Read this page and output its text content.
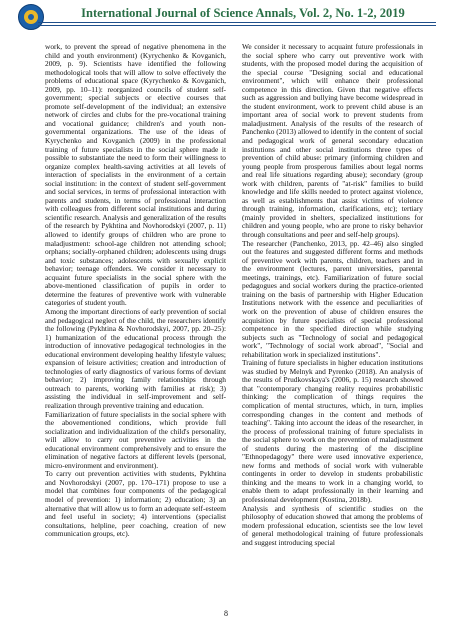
International Journal of Science Annals, Vol. 2, No. 1-2, 2019

work, to prevent the spread of negative phenomena in the child and youth environment) (Kyrychenko & Kovganich, 2009, p. 9). Scientists have identified the following methodological tools that will allow to solve effectively the problems of educational space (Kyrychenko & Kovganich, 2009, pp. 10–11): reorganized councils of student self-government; special subjects or elective courses that promote self-development of the individual; an extensive network of circles and clubs for the pre-vocational training and vocational guidance; children's and youth non-governmental organizations. The use of the ideas of Kyrychenko and Kovganich (2009) in the professional training of future specialists in the social sphere made it possible to substantiate the need to form their willingness to organize complex health-saving activities at all levels of interaction of specialists in the environment of a certain social institution: in the context of student self-government and social services, in terms of professional interaction with parents and students, in terms of professional interaction with colleagues from different social institutions and during scientific research. Analysis and generalization of the results of the research by Pykhtina and Novhorodskyi (2007, p. 11) allowed to identify groups of children who are prone to maladjustment: school-age children not attending school; orphans; socially-orphaned children; adolescents using drugs and toxic substances; adolescents with sexually explicit behavior; teenage offenders. We consider it necessary to acquaint future specialists in the social sphere with the above-mentioned classification of pupils in order to determine the features of preventive work with vulnerable categories of student youth.

Among the important directions of early prevention of social and pedagogical neglect of the child, the researchers identify the following (Pykhtina & Novhorodskyi, 2007, pp. 20–25): 1) humanization of the educational process through the introduction of innovative pedagogical technologies in the educational environment developing healthy lifestyle values; expansion of leisure activities; creation and introduction of technologies of early diagnostics of various forms of deviant behavior; 2) improving family relationships through outreach to parents, working with families at risk); 3) assisting the individual in self-improvement and self-realization through preventive training and education.

Familiarization of future specialists in the social sphere with the abovementioned conditions, which provide full socialization and individualization of the child's personality, will allow to carry out preventive activities in the educational environment comprehensively and to ensure the elimination of negative factors at different levels (personal, micro-environment and environment).

To carry out prevention activities with students, Pykhtina and Novhorodskyi (2007, pp. 170–171) propose to use a model that combines four components of the pedagogical model of prevention: 1) information; 2) education; 3) an alternative that will allow us to form an adequate self-esteem and feel useful in society; 4) interventions (specialist consultations, helpline, peer coaching, creation of new communication groups, etc).

We consider it necessary to acquaint future professionals in the social sphere who carry out preventive work with students, with the proposed model during the acquisition of the special course "Designing social and educational environment", which will enhance their professional competence in this direction. Given that negative effects such as aggression and bullying have become widespread in the student environment, work to prevent child abuse is an important area of social work to prevent students from maladjustment. Analysis of the results of the research of Panchenko (2013) allowed to identify in the content of social and pedagogical work of general secondary education institutions and other social institutions three types of prevention of child abuse: primary (informing children and young people from prosperous families about legal norms and real life situations regarding abuse); secondary (group work with children, parents of "at-risk" families to build knowledge and life skills needed to protect against violence, as well as establishments that assist victims of violence through training, information, clarifications, etc); tertiary (mainly provided in shelters, specialized institutions for children and young people, who are prone to risky behavior through consultations and peer and self-help groups).

The researcher (Panchenko, 2013, pp. 42–46) also singled out the features and suggested different forms and methods of preventive work with parents, children, teachers and in the environment (lectures, parent universities, parental meetings, trainings, etc). Familiarization of future social pedagogues and social workers during the practice-oriented training on the basis of partnership with Higher Education Institutions network with the essence and peculiarities of work on the prevention of abuse of children ensures the acquisition by future specialists of special professional competence in the specified direction while studying subjects such as "Technology of social and pedagogical work", "Technology of social work abroad", "Social and rehabilitation work in specialized institutions".

Training of future specialists in higher education institutions was studied by Melnyk and Pyrenko (2018). An analysis of the results of Prudkovskaya's (2006, p. 15) research showed that "contemporary changing reality requires probabilistic thinking: the complication of things requires the complication of mental structures, which, in turn, implies corresponding changes in the content and methods of teaching". Taking into account the ideas of the researcher, in the process of professional training of future specialists in the social sphere to work on the prevention of maladjustment of students during the mastering of the discipline "Ethnopedagogy" there were used innovative experience, new forms and methods of social work with vulnerable contingents in order to develop in students probabilistic thinking and the means to work in a changing world, to enable them to adapt professionally in their learning and professional development (Kostina, 2018b).

Analysis and synthesis of scientific studies on the philosophy of education showed that among the problems of modern professional education, scientists see the low level of general methodological training of future professionals and suggest introducing special

8
